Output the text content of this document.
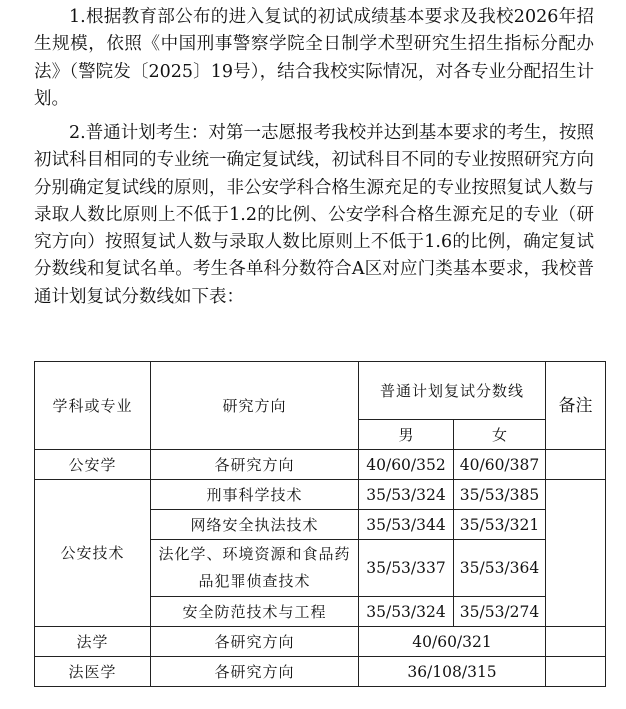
1.根据教育部公布的进入复试的初试成绩基本要求及我校2026年招生规模，依照《中国刑事警察学院全日制学术型研究生招生指标分配办法》（警院发〔2025〕19号），结合我校实际情况，对各专业分配招生计划。

2.普通计划考生：对第一志愿报考我校并达到基本要求的考生，按照初试科目相同的专业统一确定复试线，初试科目不同的专业按照研究方向分别确定复试线的原则，非公安学科合格生源充足的专业按照复试人数与录取人数比原则上不低于1.2的比例、公安学科合格生源充足的专业（研究方向）按照复试人数与录取人数比原则上不低于1.6的比例，确定复试分数线和复试名单。考生各单科分数符合A区对应门类基本要求，我校普通计划复试分数线如下表：

学科或专业	研究方向	普通计划复试分数线		备注
		男	女	
公安学	各研究方向	40/60/352	40/60/387	
公安技术	刑事科学技术	35/53/324	35/53/385	
	网络安全执法技术	35/53/344	35/53/321	
	法化学、环境资源和食品药品犯罪侦查技术	35/53/337	35/53/364	
	安全防范技术与工程	35/53/324	35/53/274	
法学	各研究方向	40/60/321		
法医学	各研究方向	36/108/315		
